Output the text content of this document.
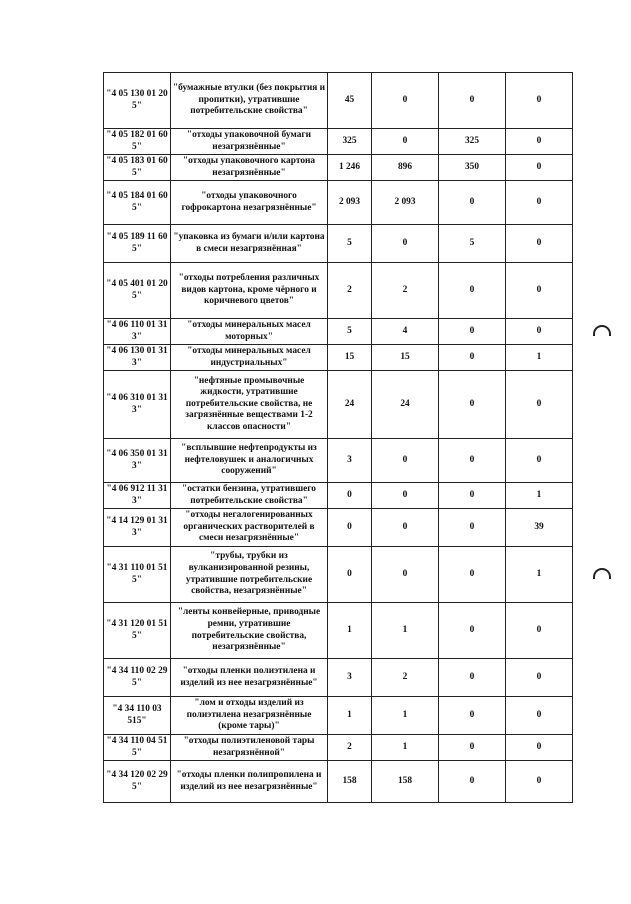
"4 05 130 01 20 5"	"бумажные втулки (без покрытия и пропитки), утратившие потребительские свойства"	45	0	0	0
"4 05 182 01 60 5"	"отходы упаковочной бумаги незагрязнённые"	325	0	325	0
"4 05 183 01 60 5"	"отходы упаковочного картона незагрязнённые"	1 246	896	350	0
"4 05 184 01 60 5"	"отходы упаковочного гофрокартона незагрязнённые"	2 093	2 093	0	0
"4 05 189 11 60 5"	"упаковка из бумаги и/или картона в смеси незагрязнённая"	5	0	5	0
"4 05 401 01 20 5"	"отходы потребления различных видов картона, кроме чёрного и коричневого цветов"	2	2	0	0
"4 06 110 01 31 3"	"отходы минеральных масел моторных"	5	4	0	0
"4 06 130 01 31 3"	"отходы минеральных масел индустриальных"	15	15	0	1
"4 06 310 01 31 3"	"нефтяные промывочные жидкости, утратившие потребительские свойства, не загрязнённые веществами 1-2 классов опасности"	24	24	0	0
"4 06 350 01 31 3"	"всплывшие нефтепродукты из нефтеловушек и аналогичных сооружений"	3	0	0	0
"4 06 912 11 31 3"	"остатки бензина, утратившего потребительские свойства"	0	0	0	1
"4 14 129 01 31 3"	"отходы негалогенированных органических растворителей в смеси незагрязнённые"	0	0	0	39
"4 31 110 01 51 5"	"трубы, трубки из вулканизированной резины, утратившие потребительские свойства, незагрязнённые"	0	0	0	1
"4 31 120 01 51 5"	"ленты конвейерные, приводные ремни, утратившие потребительские свойства, незагрязнённые"	1	1	0	0
"4 34 110 02 29 5"	"отходы пленки полиэтилена и изделий из нее незагрязнённые"	3	2	0	0
"4 34 110 03 515"	"лом и отходы изделий из полиэтилена незагрязнённые (кроме тары)"	1	1	0	0
"4 34 110 04 51 5"	"отходы полиэтиленовой тары незагрязнённой"	2	1	0	0
"4 34 120 02 29 5"	"отходы пленки полипропилена и изделий из нее незагрязнённые"	158	158	0	0
